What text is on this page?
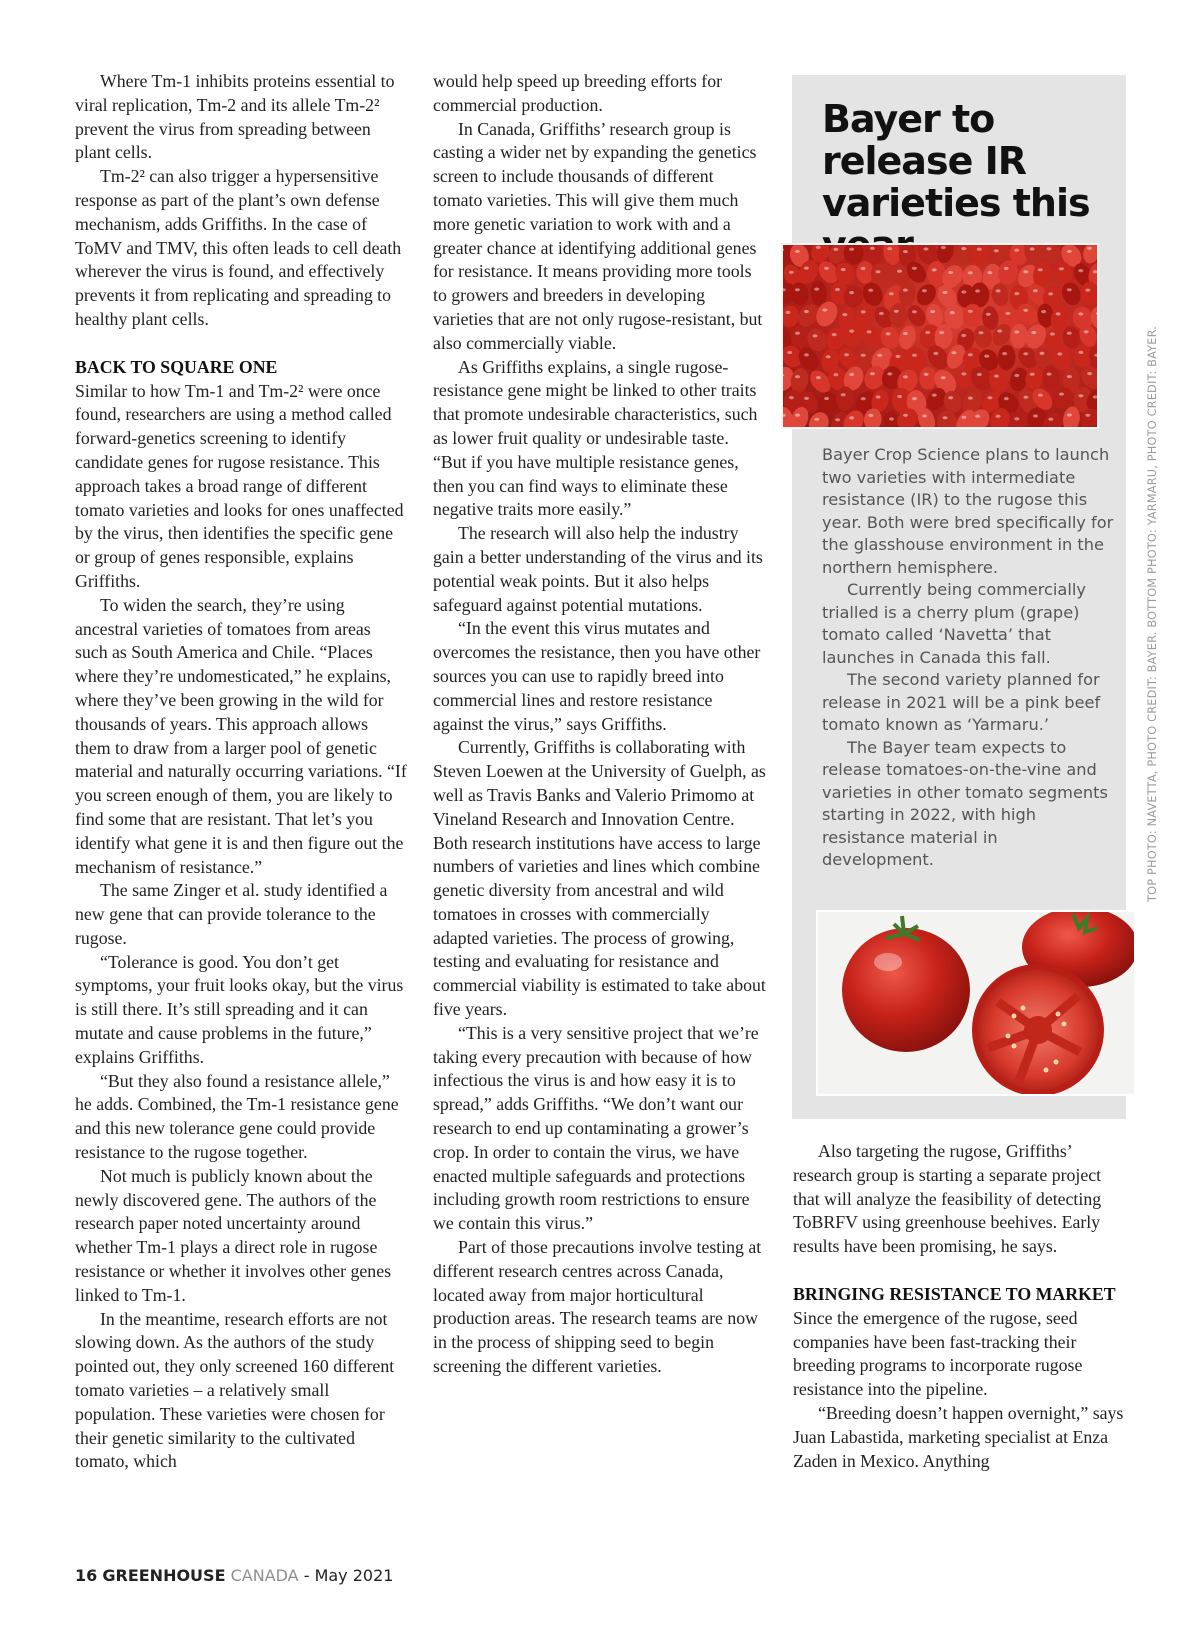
Where Tm-1 inhibits proteins essential to viral replication, Tm-2 and its allele Tm-2² prevent the virus from spreading between plant cells.

Tm-2² can also trigger a hypersensitive response as part of the plant’s own defense mechanism, adds Griffiths. In the case of ToMV and TMV, this often leads to cell death wherever the virus is found, and effectively prevents it from replicating and spreading to healthy plant cells.

BACK TO SQUARE ONE

Similar to how Tm-1 and Tm-2² were once found, researchers are using a method called forward-genetics screening to identify candidate genes for rugose resistance. This approach takes a broad range of different tomato varieties and looks for ones unaffected by the virus, then identifies the specific gene or group of genes responsible, explains Griffiths.

To widen the search, they’re using ancestral varieties of tomatoes from areas such as South America and Chile. “Places where they’re undomesticated,” he explains, where they’ve been growing in the wild for thousands of years. This approach allows them to draw from a larger pool of genetic material and naturally occurring variations. “If you screen enough of them, you are likely to find some that are resistant. That let’s you identify what gene it is and then figure out the mechanism of resistance.”

The same Zinger et al. study identified a new gene that can provide tolerance to the rugose.

“Tolerance is good. You don’t get symptoms, your fruit looks okay, but the virus is still there. It’s still spreading and it can mutate and cause problems in the future,” explains Griffiths.

“But they also found a resistance allele,” he adds. Combined, the Tm-1 resistance gene and this new tolerance gene could provide resistance to the rugose together.

Not much is publicly known about the newly discovered gene. The authors of the research paper noted uncertainty around whether Tm-1 plays a direct role in rugose resistance or whether it involves other genes linked to Tm-1.

In the meantime, research efforts are not slowing down. As the authors of the study pointed out, they only screened 160 different tomato varieties – a relatively small population. These varieties were chosen for their genetic similarity to the cultivated tomato, which

would help speed up breeding efforts for commercial production.

In Canada, Griffiths’ research group is casting a wider net by expanding the genetics screen to include thousands of different tomato varieties. This will give them much more genetic variation to work with and a greater chance at identifying additional genes for resistance. It means providing more tools to growers and breeders in developing varieties that are not only rugose-resistant, but also commercially viable.

As Griffiths explains, a single rugose-resistance gene might be linked to other traits that promote undesirable characteristics, such as lower fruit quality or undesirable taste. “But if you have multiple resistance genes, then you can find ways to eliminate these negative traits more easily.”

The research will also help the industry gain a better understanding of the virus and its potential weak points. But it also helps safeguard against potential mutations.

“In the event this virus mutates and overcomes the resistance, then you have other sources you can use to rapidly breed into commercial lines and restore resistance against the virus,” says Griffiths.

Currently, Griffiths is collaborating with Steven Loewen at the University of Guelph, as well as Travis Banks and Valerio Primomo at Vineland Research and Innovation Centre. Both research institutions have access to large numbers of varieties and lines which combine genetic diversity from ancestral and wild tomatoes in crosses with commercially adapted varieties. The process of growing, testing and evaluating for resistance and commercial viability is estimated to take about five years.

“This is a very sensitive project that we’re taking every precaution with because of how infectious the virus is and how easy it is to spread,” adds Griffiths. “We don’t want our research to end up contaminating a grower’s crop. In order to contain the virus, we have enacted multiple safeguards and protections including growth room restrictions to ensure we contain this virus.”

Part of those precautions involve testing at different research centres across Canada, located away from major horticultural production areas. The research teams are now in the process of shipping seed to begin screening the different varieties.

Bayer to release IR varieties this

Bayer Crop Science plans to launch two varieties with intermediate resistance (IR) to the rugose this year. Both were bred specifically for the glasshouse environment in the northern hemisphere.

Currently being commercially trialled is a cherry plum (grape) tomato called ‘Navetta’ that launches in Canada this fall.

The second variety planned for release in 2021 will be a pink beef tomato known as ‘Yarmaru.’

The Bayer team expects to release tomatoes-on-the-vine and varieties in other tomato segments starting in 2022, with high resistance material in development.	TOP PHOTO: NAVETTA, PHOTO CREDIT: BAYER. BOTTOM PHOTO: YARMARU, PHOTO CREDIT: BAYER.

Also targeting the rugose, Griffiths’ research group is starting a separate project that will analyze the feasibility of detecting ToBRFV using greenhouse beehives. Early results have been promising, he says.

BRINGING RESISTANCE TO MARKET

Since the emergence of the rugose, seed companies have been fast-tracking their breeding programs to incorporate rugose resistance into the pipeline.

“Breeding doesn’t happen overnight,” says Juan Labastida, marketing specialist at Enza Zaden in Mexico. Anything

16 GREENHOUSE CANADA - May 2021
